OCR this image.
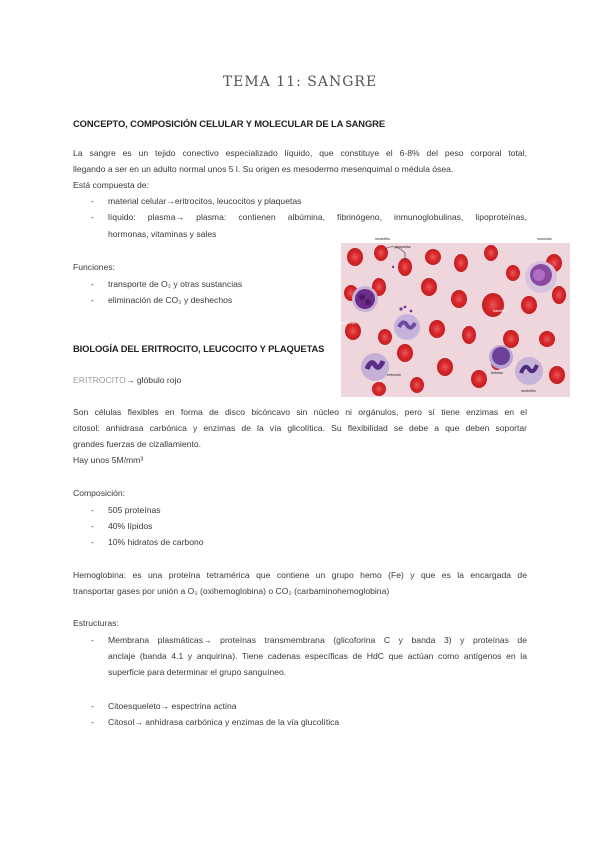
TEMA 11: SANGRE
CONCEPTO, COMPOSICIÓN CELULAR Y MOLECULAR DE LA SANGRE
La sangre es un tejido conectivo especializado líquido, que constituye el 6-8% del peso corporal total,
llegando a ser en un adulto normal unos 5 l. Su origen es mesodermo mesenquimal o médula ósea.
Está compuesta de:
- material celular→eritrocitos, leucocitos y plaquetas
- líquido: plasma→ plasma: contienen albúmina, fibrinógeno, inmunoglobulinas, lipoproteínas,
hormonas, vitaminas y sales
Funciones:
- transporte de O₂ y otras sustancias
- eliminación de CO₂ y deshechos
neutrófilo
plaquetas
eosinófilo
basófilo
linfocito
monocito
eritrocito
neutrófilo
BIOLOGÍA DEL ERITROCITO, LEUCOCITO Y PLAQUETAS
ERITROCITO→ glóbulo rojo
Son células flexibles en forma de disco bicóncavo sin núcleo ni orgánulos, pero sí tiene enzimas en el
citosol: anhidrasa carbónica y enzimas de la vía glicolítica. Su flexibilidad se debe a que deben soportar
grandes fuerzas de cizallamiento.
Hay unos 5M/mm³
Composición:
- 505 proteínas
- 40% lípidos
- 10% hidratos de carbono
Hemoglobina: es una proteína tetramérica que contiene un grupo hemo (Fe) y que es la encargada de
transportar gases por unión a O₂ (oxihemoglobina) o CO₂ (carbaminohemoglobina)
Estructuras:
- Membrana plasmáticas→ proteínas transmembrana (glicoforina C y banda 3) y proteínas de
anclaje (banda 4.1 y anquirina). Tiene cadenas específicas de HdC que actúan como antígenos en la
superficie para determinar el grupo sanguíneo.
- Citoesqueleto→ espectrina actina
- Citosol→ anhidrasa carbónica y enzimas de la vía glucolítica
